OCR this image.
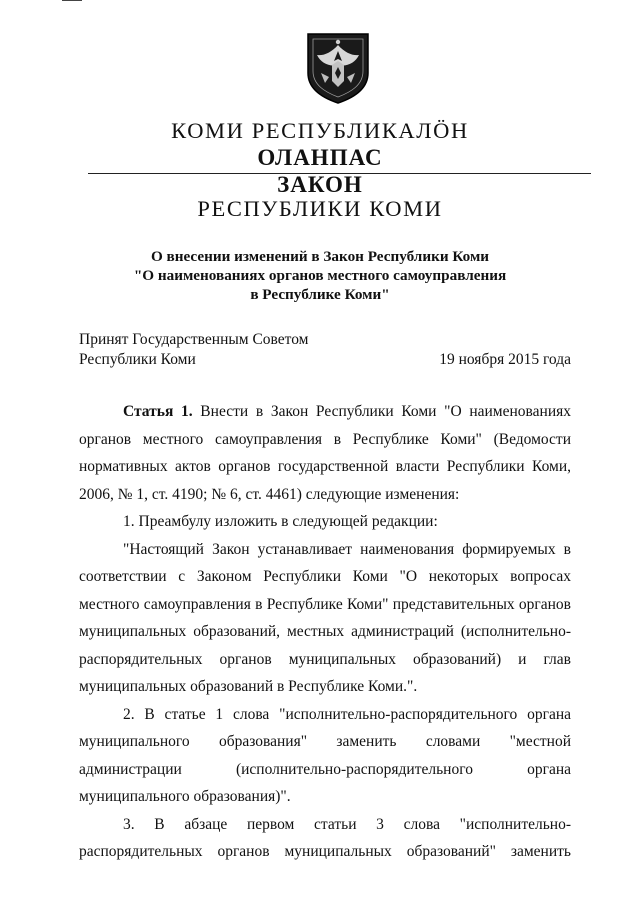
КОМИ РЕСПУБЛИКАЛӦН
ОЛАНПАС
ЗАКОН
РЕСПУБЛИКИ КОМИ
О внесении изменений в Закон Республики Коми
"О наименованиях органов местного самоуправления
в Республике Коми"
Принят Государственным Советом
Республики Коми	19 ноября 2015 года

Статья 1. Внести в Закон Республики Коми "О наименованиях органов местного самоуправления в Республике Коми" (Ведомости нормативных актов органов государственной власти Республики Коми, 2006, № 1, ст. 4190; № 6, ст. 4461) следующие изменения:

1. Преамбулу изложить в следующей редакции:

"Настоящий Закон устанавливает наименования формируемых в соответствии с Законом Республики Коми "О некоторых вопросах местного самоуправления в Республике Коми" представительных органов муниципальных образований, местных администраций (исполнительно-распорядительных органов муниципальных образований) и глав муниципальных образований в Республике Коми.".

2. В статье 1 слова "исполнительно-распорядительного органа муниципального образования" заменить словами "местной администрации (исполнительно-распорядительного органа муниципального образования)".

3. В абзаце первом статьи 3 слова "исполнительно-распорядительных органов муниципальных образований" заменить
